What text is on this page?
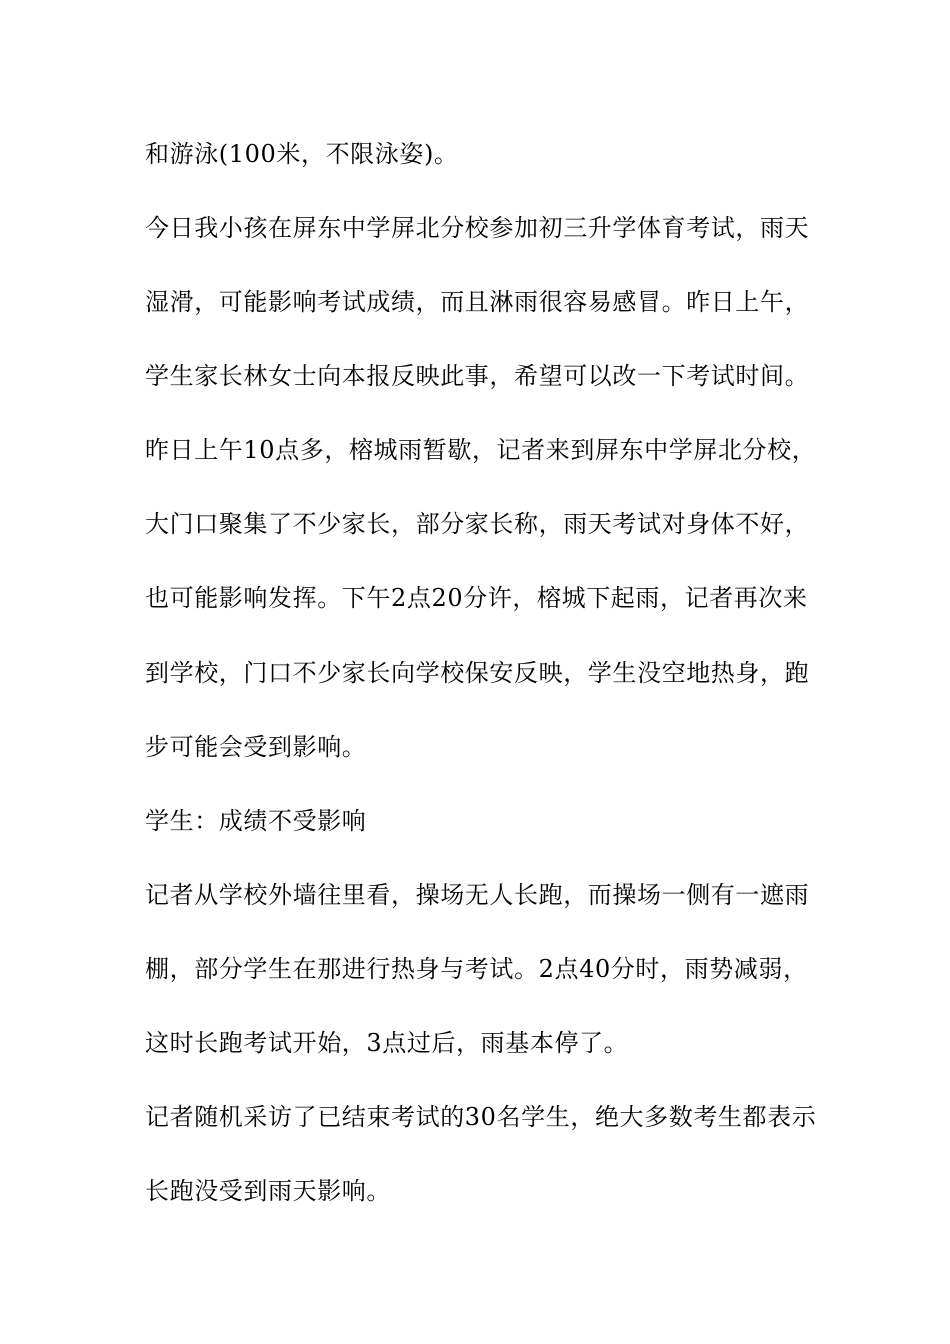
和游泳(100米，不限泳姿)。
今日我小孩在屏东中学屏北分校参加初三升学体育考试，雨天
湿滑，可能影响考试成绩，而且淋雨很容易感冒。昨日上午，
学生家长林女士向本报反映此事，希望可以改一下考试时间。
昨日上午10点多，榕城雨暂歇，记者来到屏东中学屏北分校，
大门口聚集了不少家长，部分家长称，雨天考试对身体不好，
也可能影响发挥。下午2点20分许，榕城下起雨，记者再次来
到学校，门口不少家长向学校保安反映，学生没空地热身，跑
步可能会受到影响。
学生：成绩不受影响
记者从学校外墙往里看，操场无人长跑，而操场一侧有一遮雨
棚，部分学生在那进行热身与考试。2点40分时，雨势减弱，
这时长跑考试开始，3点过后，雨基本停了。
记者随机采访了已结束考试的30名学生，绝大多数考生都表示
长跑没受到雨天影响。
